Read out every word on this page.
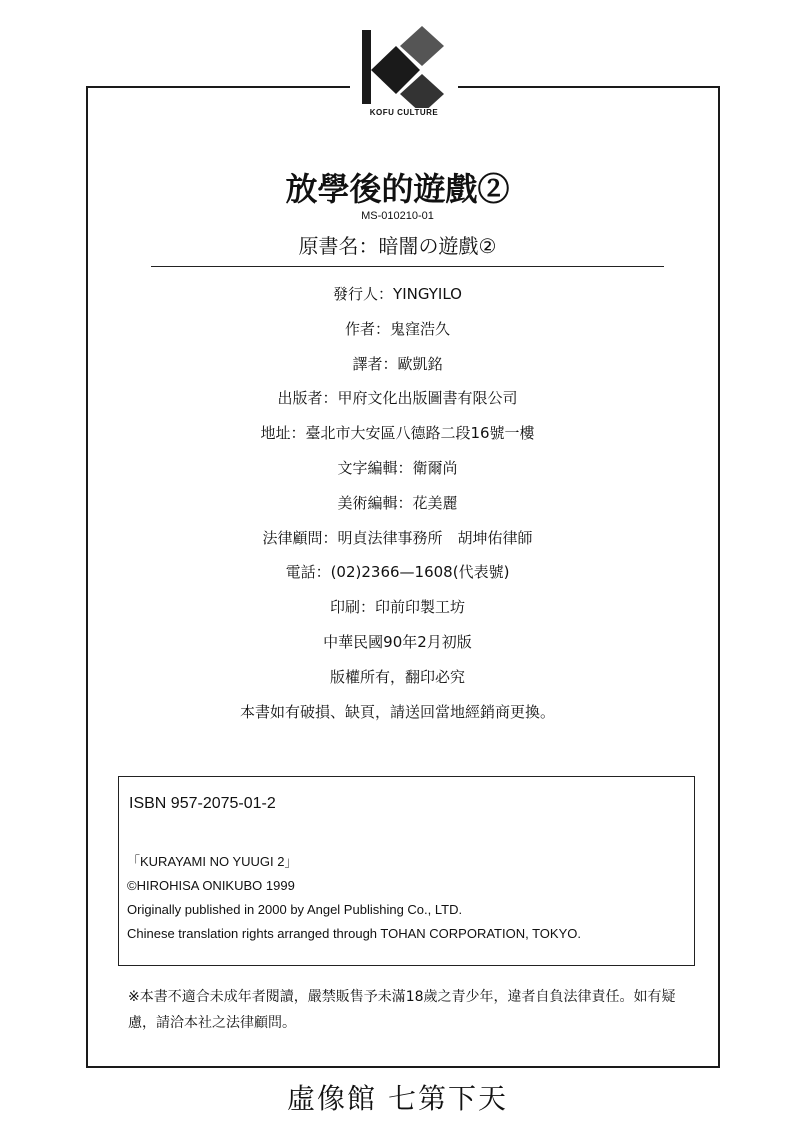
KOFU CULTURE
放學後的遊戲②
MS-010210-01
原書名：暗闇の遊戲②
發行人：YINGYILO
作者：鬼窪浩久
譯者：歐凱銘
出版者：甲府文化出版圖書有限公司
地址：臺北市大安區八德路二段16號一樓
文字編輯：衛爾尚
美術編輯：花美麗
法律顧問：明貞法律事務所　胡坤佑律師
電話：(02)2366—1608(代表號)
印刷：印前印製工坊
中華民國90年2月初版
版權所有，翻印必究
本書如有破損、缺頁，請送回當地經銷商更換。
ISBN 957-2075-01-2
「KURAYAMI NO YUUGI 2」
©HIROHISA ONIKUBO 1999
Originally published in 2000 by Angel Publishing Co., LTD.
Chinese translation rights arranged through TOHAN CORPORATION, TOKYO.
※本書不適合未成年者閱讀，嚴禁販售予未滿18歲之青少年，違者自負法律責任。如有疑慮，請洽本社之法律顧問。
虛像館 七第下天
